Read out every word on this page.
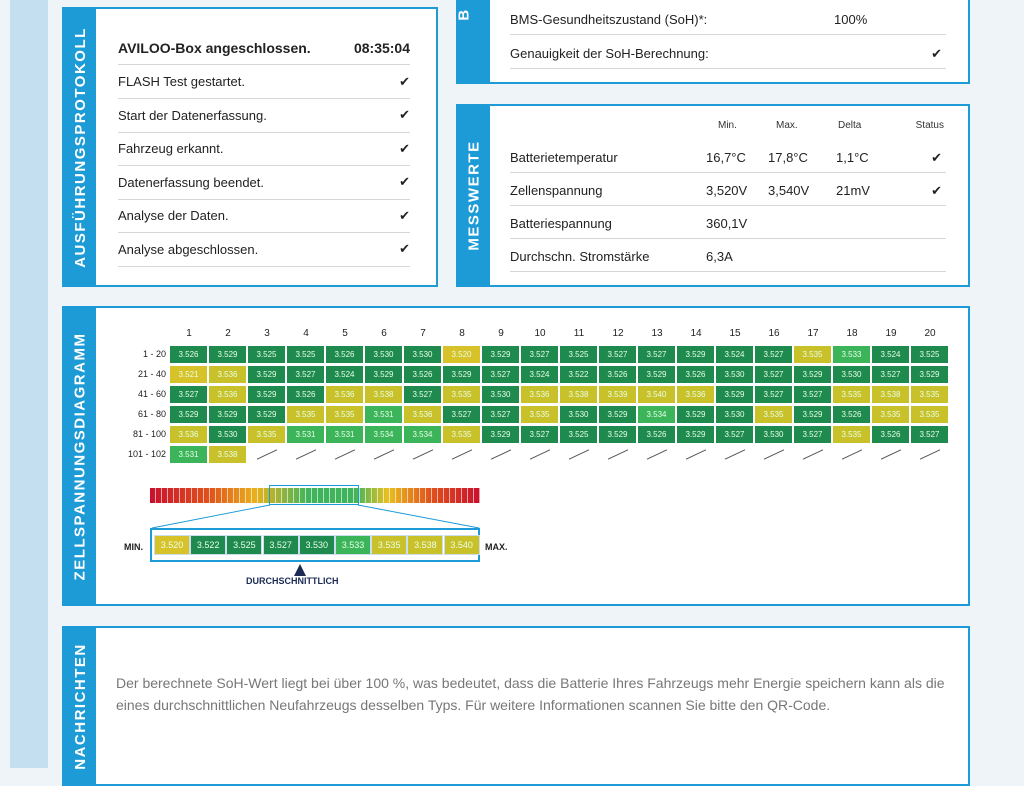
AUSFÜHRUNGSPROTOKOLL AVILOO-Box angeschlossen.	08:35:04
FLASH Test gestartet.	✔
Start der Datenerfassung.	✔
Fahrzeug erkannt.	✔
Datenerfassung beendet.	✔
Analyse der Daten.	✔
Analyse abgeschlossen.	✔
B	BMS-Gesundheitszustand (SoH)*:	100%
Genauigkeit der SoH-Berechnung:	✔
MESSWERTE
Min.	Max.	Delta	Status
Batterietemperatur	16,7°C 17,8°C 1,1°C	✔
Zellenspannung	3,520V 3,540V 21mV	✔
Batteriespannung	360,1V
Durchschn. Stromstärke	6,3A
ZELLSPANNUNGSDIAGRAMM	1	2	3	4	5	6	7	8	9	10	11	12	13	14	15	16	17	18	19	20
1 - 20	3.526	3.529	3.525	3.525	3.526	3.530	3.530	3.520	3.529	3.527	3.525	3.527	3.527	3.529	3.524	3.527	3.535	3.533	3.524	3.525
21 - 40	3.521	3.536	3.529	3.527	3.524	3.529	3.526	3.529	3.527	3.524	3.522	3.526	3.529	3.526	3.530	3.527	3.529	3.530	3.527	3.529
41 - 60	3.527	3.536	3.529	3.526	3.536	3.538	3.527	3.535	3.530	3.536	3.538	3.539	3.540	3.536	3.529	3.527	3.527	3.535	3.538	3.535
61 - 80	3.529	3.529	3.529	3.535	3.535	3.531	3.536	3.527	3.527	3.535	3.530	3.529	3.534	3.529	3.530	3.535	3.529	3.526	3.535	3.535
81 - 100	3.536	3.530	3.535	3.531	3.531	3.534	3.534	3.535	3.529	3.527	3.525	3.529	3.526	3.529	3.527	3.530	3.527	3.535	3.526	3.527
101 - 102	3.531	3.538
MIN.	3.520	3.522	3.525	3.527	3.530	3.533	3.535	3.538	3.540	MAX.
DURCHSCHNITTLICH
NACHRICHTEN Der berechnete SoH-Wert liegt bei über 100 %, was bedeutet, dass die Batterie Ihres Fahrzeugs mehr Energie speichern kann als die eines durchschnittlichen Neufahrzeugs desselben Typs. Für weitere Informationen scannen Sie bitte den QR-Code.
